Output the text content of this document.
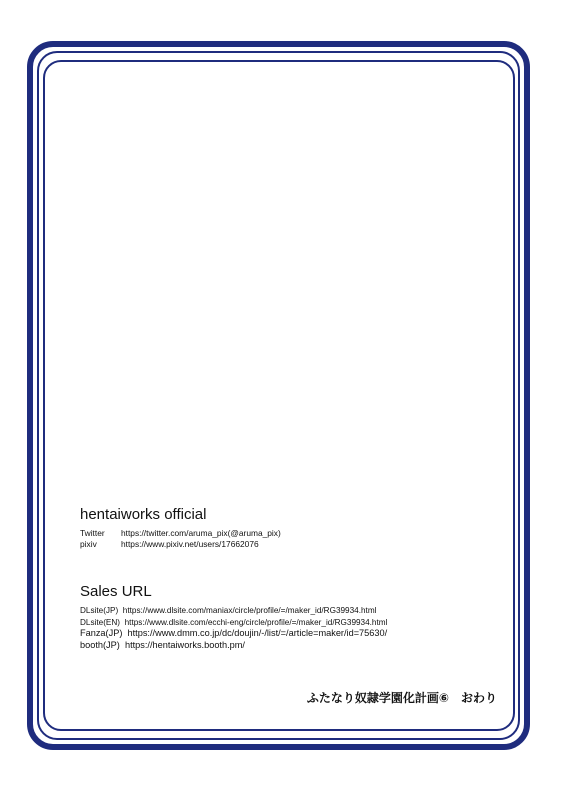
hentaiworks official
Twitter https://twitter.com/aruma_pix(@aruma_pix)
pixiv	https://www.pixiv.net/users/17662076
Sales URL
DLsite(JP) https://www.dlsite.com/maniax/circle/profile/=/maker_id/RG39934.html
DLsite(EN) https://www.dlsite.com/ecchi-eng/circle/profile/=/maker_id/RG39934.html
Fanza(JP) https://www.dmm.co.jp/dc/doujin/-/list/=/article=maker/id=75630/
booth(JP) https://hentaiworks.booth.pm/
ふたなり奴隷学園化計画⑥　おわり
